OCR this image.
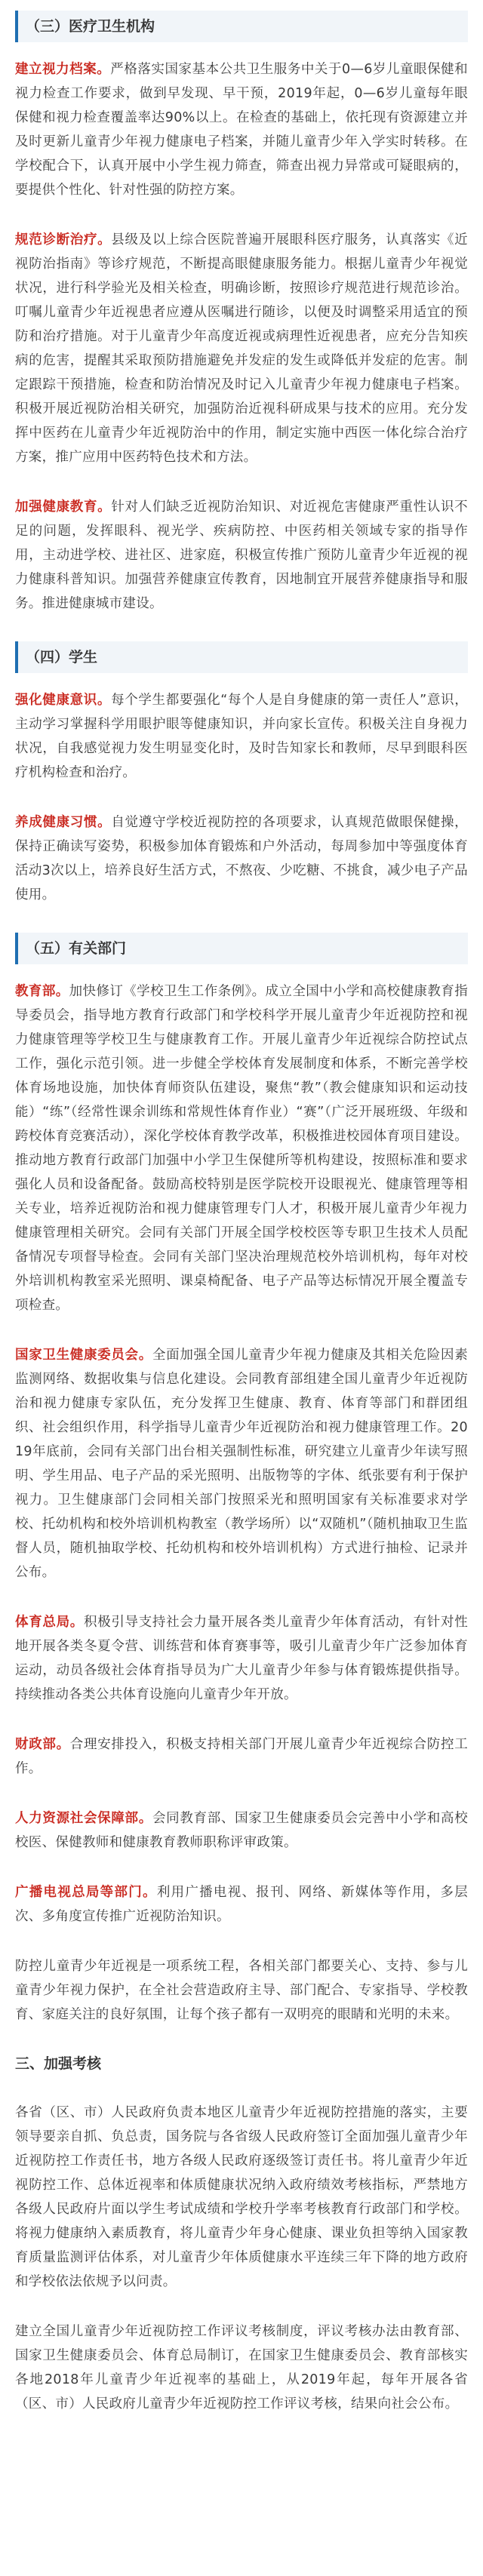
（三）医疗卫生机构

建立视力档案。严格落实国家基本公共卫生服务中关于0—6岁儿童眼保健和视力检查工作要求，做到早发现、早干预，2019年起，0—6岁儿童每年眼保健和视力检查覆盖率达90%以上。在检查的基础上，依托现有资源建立并及时更新儿童青少年视力健康电子档案，并随儿童青少年入学实时转移。在学校配合下，认真开展中小学生视力筛查，筛查出视力异常或可疑眼病的，要提供个性化、针对性强的防控方案。

规范诊断治疗。县级及以上综合医院普遍开展眼科医疗服务，认真落实《近视防治指南》等诊疗规范，不断提高眼健康服务能力。根据儿童青少年视觉状况，进行科学验光及相关检查，明确诊断，按照诊疗规范进行规范诊治。叮嘱儿童青少年近视患者应遵从医嘱进行随诊，以便及时调整采用适宜的预防和治疗措施。对于儿童青少年高度近视或病理性近视患者，应充分告知疾病的危害，提醒其采取预防措施避免并发症的发生或降低并发症的危害。制定跟踪干预措施，检查和防治情况及时记入儿童青少年视力健康电子档案。积极开展近视防治相关研究，加强防治近视科研成果与技术的应用。充分发挥中医药在儿童青少年近视防治中的作用，制定实施中西医一体化综合治疗方案，推广应用中医药特色技术和方法。

加强健康教育。针对人们缺乏近视防治知识、对近视危害健康严重性认识不足的问题，发挥眼科、视光学、疾病防控、中医药相关领域专家的指导作用，主动进学校、进社区、进家庭，积极宣传推广预防儿童青少年近视的视力健康科普知识。加强营养健康宣传教育，因地制宜开展营养健康指导和服务。推进健康城市建设。

（四）学生

强化健康意识。每个学生都要强化“每个人是自身健康的第一责任人”意识，主动学习掌握科学用眼护眼等健康知识，并向家长宣传。积极关注自身视力状况，自我感觉视力发生明显变化时，及时告知家长和教师，尽早到眼科医疗机构检查和治疗。

养成健康习惯。自觉遵守学校近视防控的各项要求，认真规范做眼保健操，保持正确读写姿势，积极参加体育锻炼和户外活动，每周参加中等强度体育活动3次以上，培养良好生活方式，不熬夜、少吃糖、不挑食，减少电子产品使用。

（五）有关部门

教育部。加快修订《学校卫生工作条例》。成立全国中小学和高校健康教育指导委员会，指导地方教育行政部门和学校科学开展儿童青少年近视防控和视力健康管理等学校卫生与健康教育工作。开展儿童青少年近视综合防控试点工作，强化示范引领。进一步健全学校体育发展制度和体系，不断完善学校体育场地设施，加快体育师资队伍建设，聚焦“教”（教会健康知识和运动技能）“练”（经常性课余训练和常规性体育作业）“赛”（广泛开展班级、年级和跨校体育竞赛活动），深化学校体育教学改革，积极推进校园体育项目建设。推动地方教育行政部门加强中小学卫生保健所等机构建设，按照标准和要求强化人员和设备配备。鼓励高校特别是医学院校开设眼视光、健康管理等相关专业，培养近视防治和视力健康管理专门人才，积极开展儿童青少年视力健康管理相关研究。会同有关部门开展全国学校校医等专职卫生技术人员配备情况专项督导检查。会同有关部门坚决治理规范校外培训机构，每年对校外培训机构教室采光照明、课桌椅配备、电子产品等达标情况开展全覆盖专项检查。

国家卫生健康委员会。全面加强全国儿童青少年视力健康及其相关危险因素监测网络、数据收集与信息化建设。会同教育部组建全国儿童青少年近视防治和视力健康专家队伍，充分发挥卫生健康、教育、体育等部门和群团组织、社会组织作用，科学指导儿童青少年近视防治和视力健康管理工作。2019年底前，会同有关部门出台相关强制性标准，研究建立儿童青少年读写照明、学生用品、电子产品的采光照明、出版物等的字体、纸张要有利于保护视力。卫生健康部门会同相关部门按照采光和照明国家有关标准要求对学校、托幼机构和校外培训机构教室（教学场所）以“双随机”（随机抽取卫生监督人员，随机抽取学校、托幼机构和校外培训机构）方式进行抽检、记录并公布。

体育总局。积极引导支持社会力量开展各类儿童青少年体育活动，有针对性地开展各类冬夏令营、训练营和体育赛事等，吸引儿童青少年广泛参加体育运动，动员各级社会体育指导员为广大儿童青少年参与体育锻炼提供指导。持续推动各类公共体育设施向儿童青少年开放。

财政部。合理安排投入，积极支持相关部门开展儿童青少年近视综合防控工作。

人力资源社会保障部。会同教育部、国家卫生健康委员会完善中小学和高校校医、保健教师和健康教育教师职称评审政策。

广播电视总局等部门。利用广播电视、报刊、网络、新媒体等作用，多层次、多角度宣传推广近视防治知识。

防控儿童青少年近视是一项系统工程，各相关部门都要关心、支持、参与儿童青少年视力保护，在全社会营造政府主导、部门配合、专家指导、学校教育、家庭关注的良好氛围，让每个孩子都有一双明亮的眼睛和光明的未来。

三、加强考核

各省（区、市）人民政府负责本地区儿童青少年近视防控措施的落实，主要领导要亲自抓、负总责，国务院与各省级人民政府签订全面加强儿童青少年近视防控工作责任书，地方各级人民政府逐级签订责任书。将儿童青少年近视防控工作、总体近视率和体质健康状况纳入政府绩效考核指标，严禁地方各级人民政府片面以学生考试成绩和学校升学率考核教育行政部门和学校。将视力健康纳入素质教育，将儿童青少年身心健康、课业负担等纳入国家教育质量监测评估体系，对儿童青少年体质健康水平连续三年下降的地方政府和学校依法依规予以问责。

建立全国儿童青少年近视防控工作评议考核制度，评议考核办法由教育部、国家卫生健康委员会、体育总局制订，在国家卫生健康委员会、教育部核实各地2018年儿童青少年近视率的基础上，从2019年起，每年开展各省（区、市）人民政府儿童青少年近视防控工作评议考核，结果向社会公布。
